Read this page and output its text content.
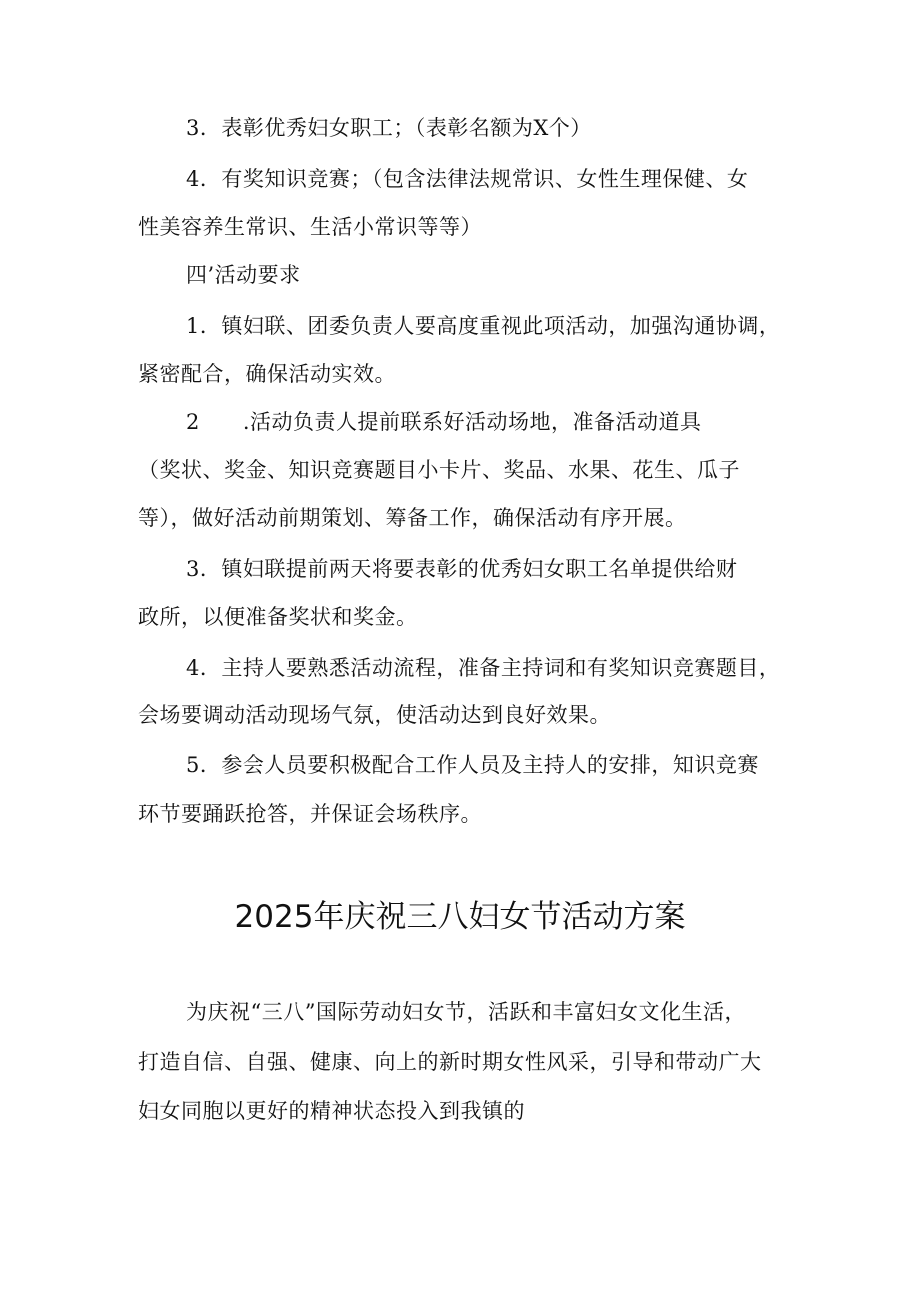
3．表彰优秀妇女职工；（表彰名额为X个）
4．有奖知识竞赛；（包含法律法规常识、女性生理保健、女
性美容养生常识、生活小常识等等）
四’活动要求
1．镇妇联、团委负责人要高度重视此项活动，加强沟通协调，
紧密配合，确保活动实效。
2　　.活动负责人提前联系好活动场地，准备活动道具
（奖状、奖金、知识竞赛题目小卡片、奖品、水果、花生、瓜子
等），做好活动前期策划、筹备工作，确保活动有序开展。
3．镇妇联提前两天将要表彰的优秀妇女职工名单提供给财
政所，以便准备奖状和奖金。
4．主持人要熟悉活动流程，准备主持词和有奖知识竞赛题目，
会场要调动活动现场气氛，使活动达到良好效果。
5．参会人员要积极配合工作人员及主持人的安排，知识竞赛
环节要踊跃抢答，并保证会场秩序。
2025年庆祝三八妇女节活动方案
为庆祝“三八”国际劳动妇女节，活跃和丰富妇女文化生活，
打造自信、自强、健康、向上的新时期女性风采，引导和带动广大
妇女同胞以更好的精神状态投入到我镇的
